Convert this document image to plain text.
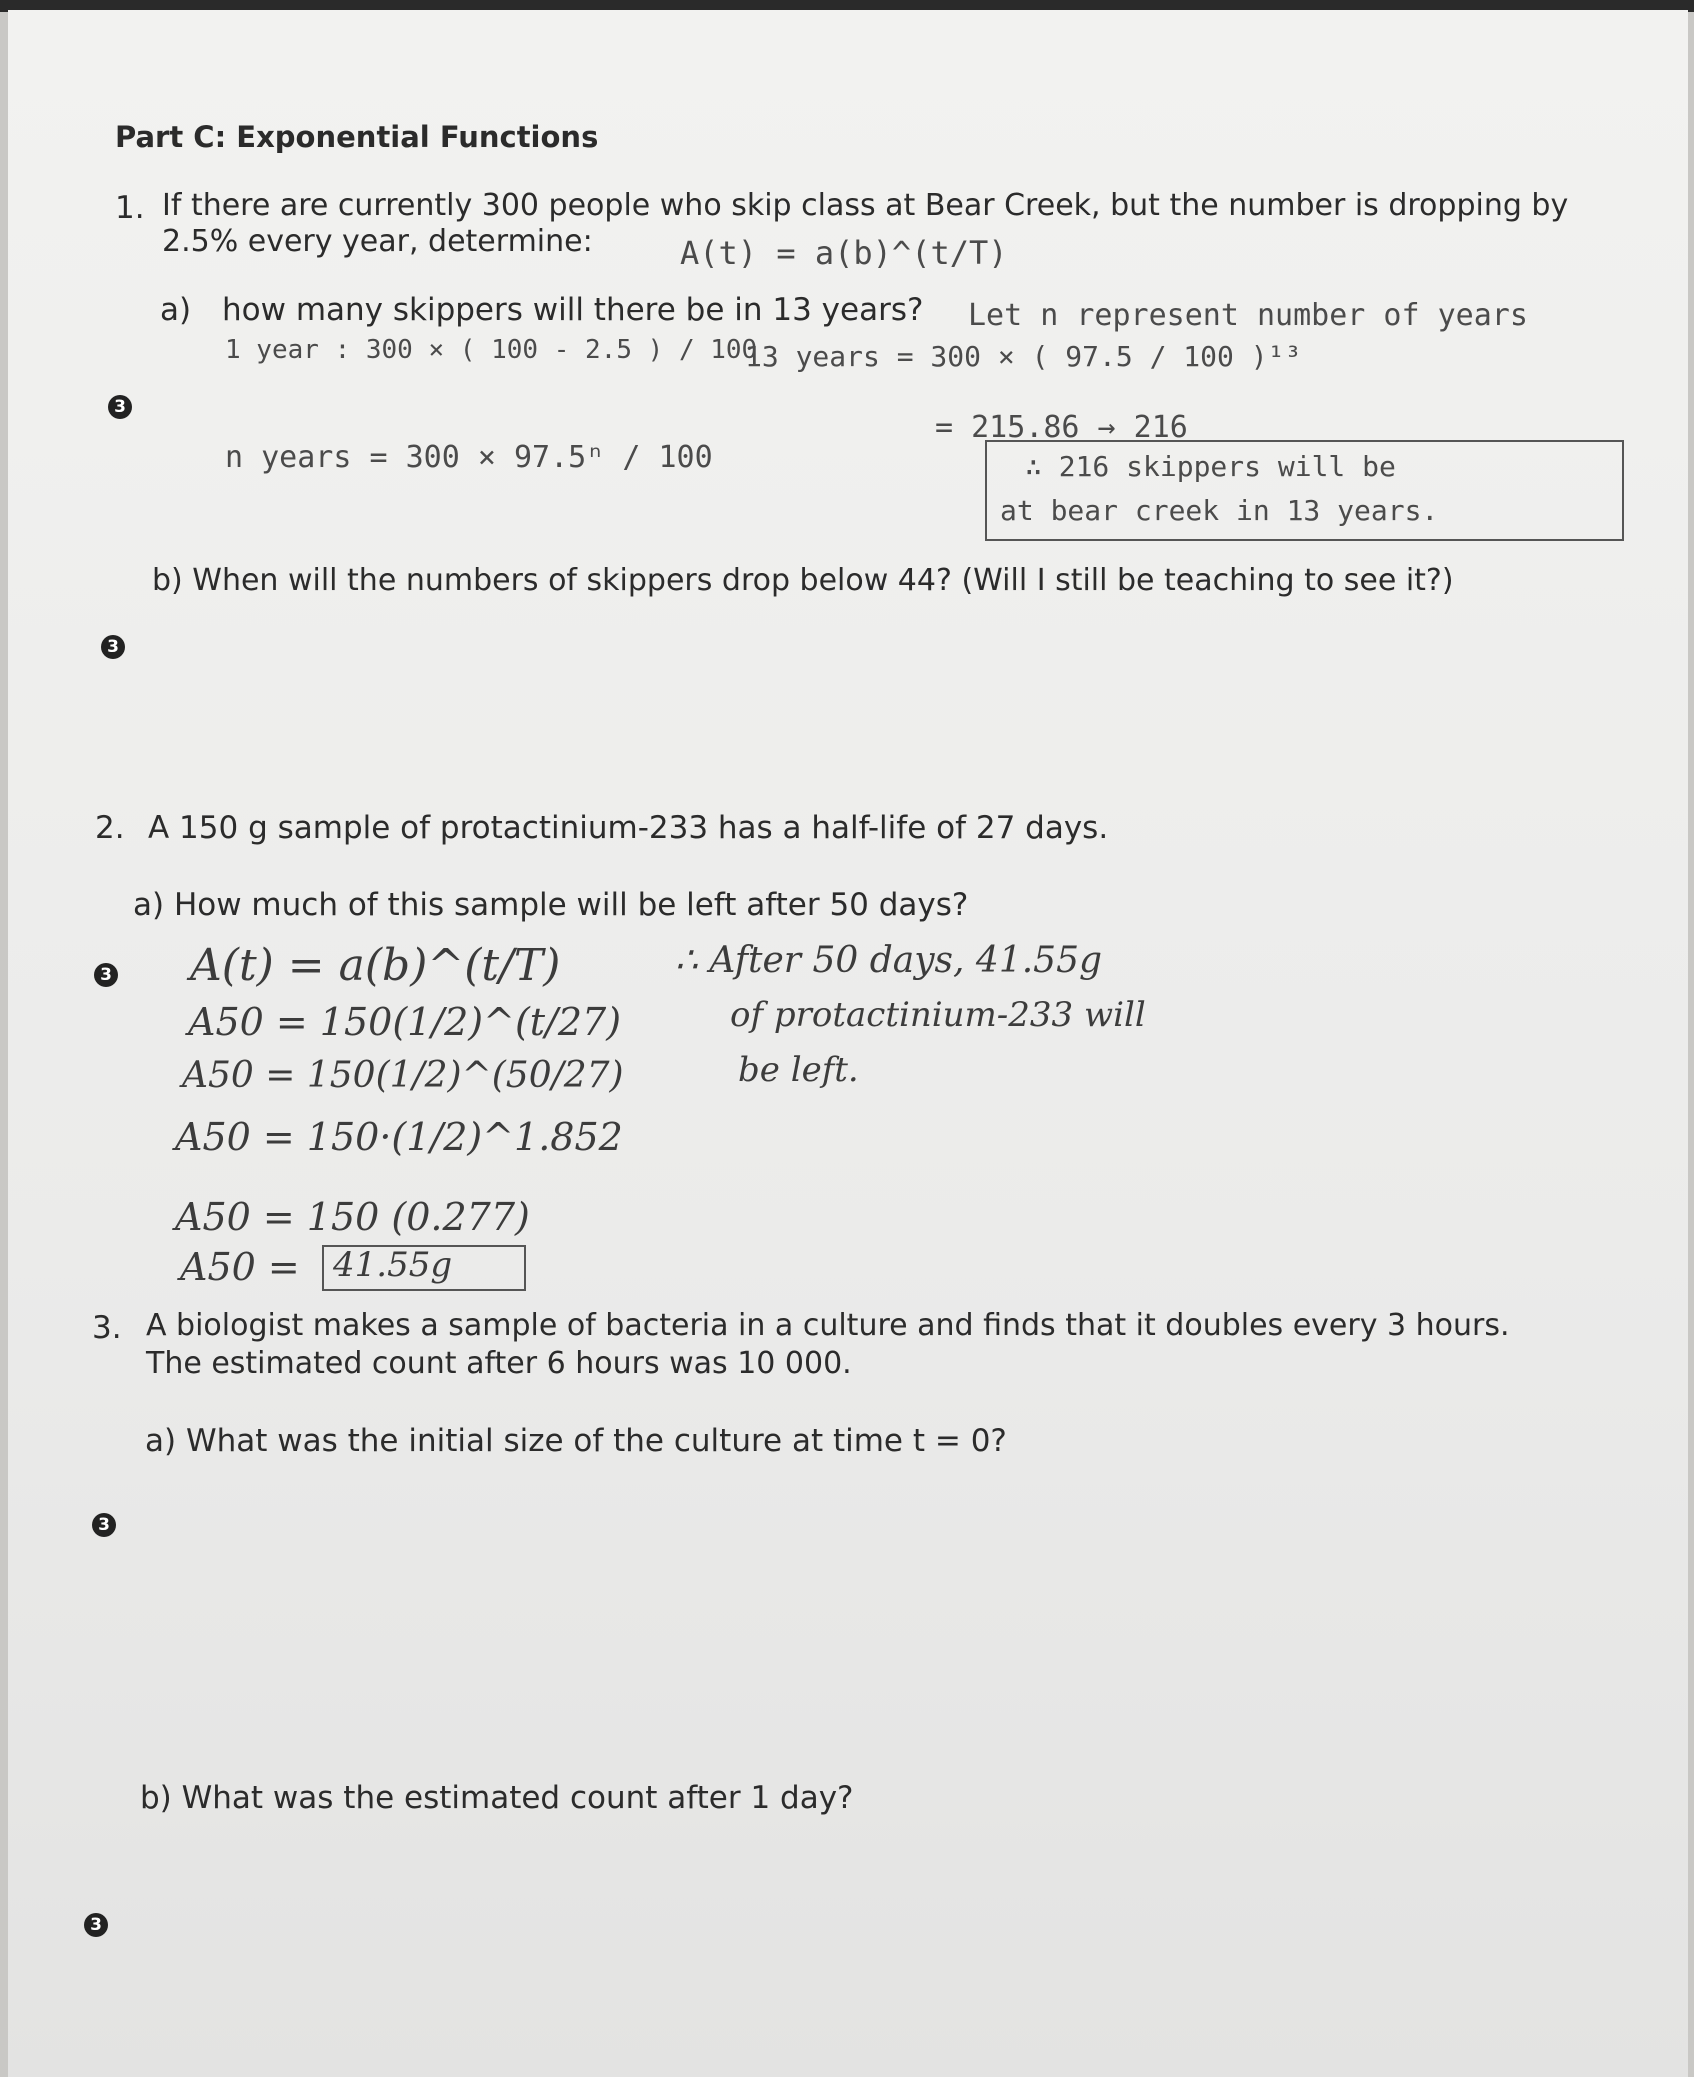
Part C: Exponential Functions
1. If there are currently 300 people who skip class at Bear Creek, but the number is dropping by
2.5% every year, determine:	A(t) = a(b)^(t/T)
a) how many skippers will there be in 13 years? Let n represent number of years
1 year : 300 × ( 100 - 2.5 ) / 100
n years = 300 × 97.5ⁿ / 100
13 years = 300 × ( 97.5 / 100 )¹³
= 215.86 → 216
∴ 216 skippers will be
at bear creek in 13 years.
3
b) When will the numbers of skippers drop below 44? (Will I still be teaching to see it?)
3
2. A 150 g sample of protactinium-233 has a half-life of 27 days.
a) How much of this sample will be left after 50 days?
3 A(t) = a(b)^(t/T)
A50 = 150(1/2)^(t/27)
A50 = 150(1/2)^(50/27)
A50 = 150·(1/2)^1.852
A50 = 150 (0.277)
A50 = 41.55g
∴ After 50 days, 41.55g
of protactinium-233 will
be left.
3. A biologist makes a sample of bacteria in a culture and finds that it doubles every 3 hours.
The estimated count after 6 hours was 10 000.
a) What was the initial size of the culture at time t = 0?
3
b) What was the estimated count after 1 day?
3
